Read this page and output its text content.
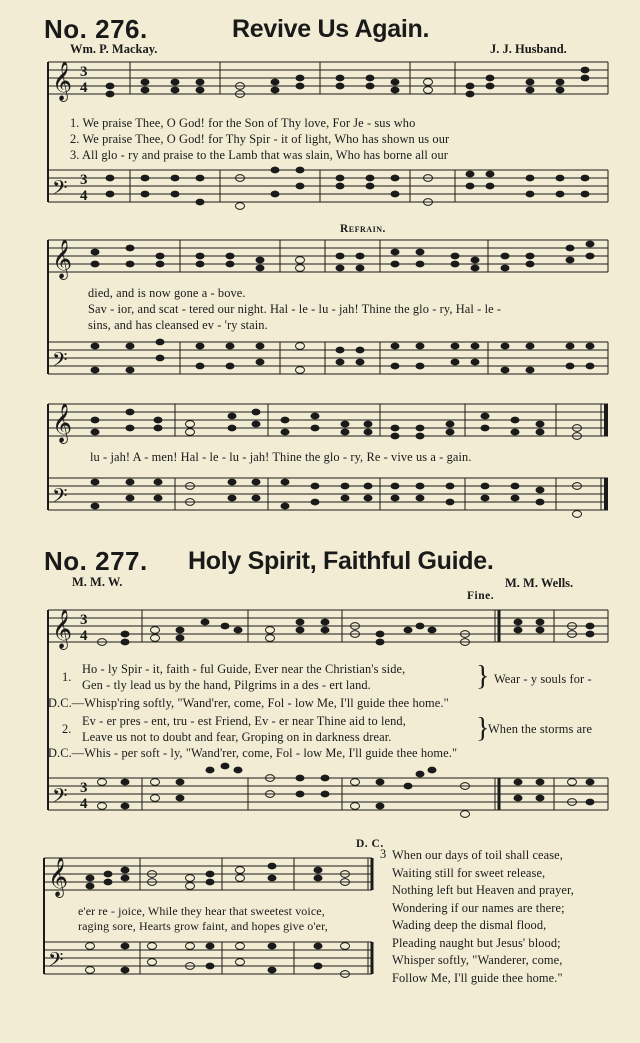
No. 276.	Revive Us Again.
Wm. P. Mackay.	J. J. Husband.
𝄞
𝄢
3
4
3
4
1. We praise Thee, O God! for the Son of Thy love, For Je - sus who
2. We praise Thee, O God! for Thy Spir - it of light, Who has shown us our
3. All glo - ry and praise to the Lamb that was slain, Who has borne all our
Refrain.
𝄞
𝄢
died, and is now gone a - bove.
Sav - ior, and scat - tered our night. Hal - le - lu - jah! Thine the glo - ry, Hal - le -
sins, and has cleansed ev - 'ry stain.
𝄞
𝄢
lu - jah! A - men! Hal - le - lu - jah! Thine the glo - ry, Re - vive us a - gain.
No. 277. Holy Spirit, Faithful Guide.
M. M. W.	M. M. Wells.
Fine.
𝄞
𝄢
3
4
3
4
1.
Ho - ly Spir - it, faith - ful Guide, Ever near the Christian's side,
Gen - tly lead us by the hand, Pilgrims in a des - ert land.	} Wear - y souls for -
D.C.—Whisp'ring softly, "Wand'rer, come, Fol - low Me, I'll guide thee home."
2.
Ev - er pres - ent, tru - est Friend, Ev - er near Thine aid to lend,
Leave us not to doubt and fear, Groping on in darkness drear.	}
When the storms are
D.C.—Whis - per soft - ly, "Wand'rer, come, Fol - low Me, I'll guide thee home."
D. C.
𝄞
𝄢
e'er re - joice, While they hear that sweetest voice,
raging sore, Hearts grow faint, and hopes give o'er,
3 When our days of toil shall cease,
Waiting still for sweet release,
Nothing left but Heaven and prayer,
Wondering if our names are there;
Wading deep the dismal flood,
Pleading naught but Jesus' blood;
Whisper softly, "Wanderer, come,
Follow Me, I'll guide thee home."
